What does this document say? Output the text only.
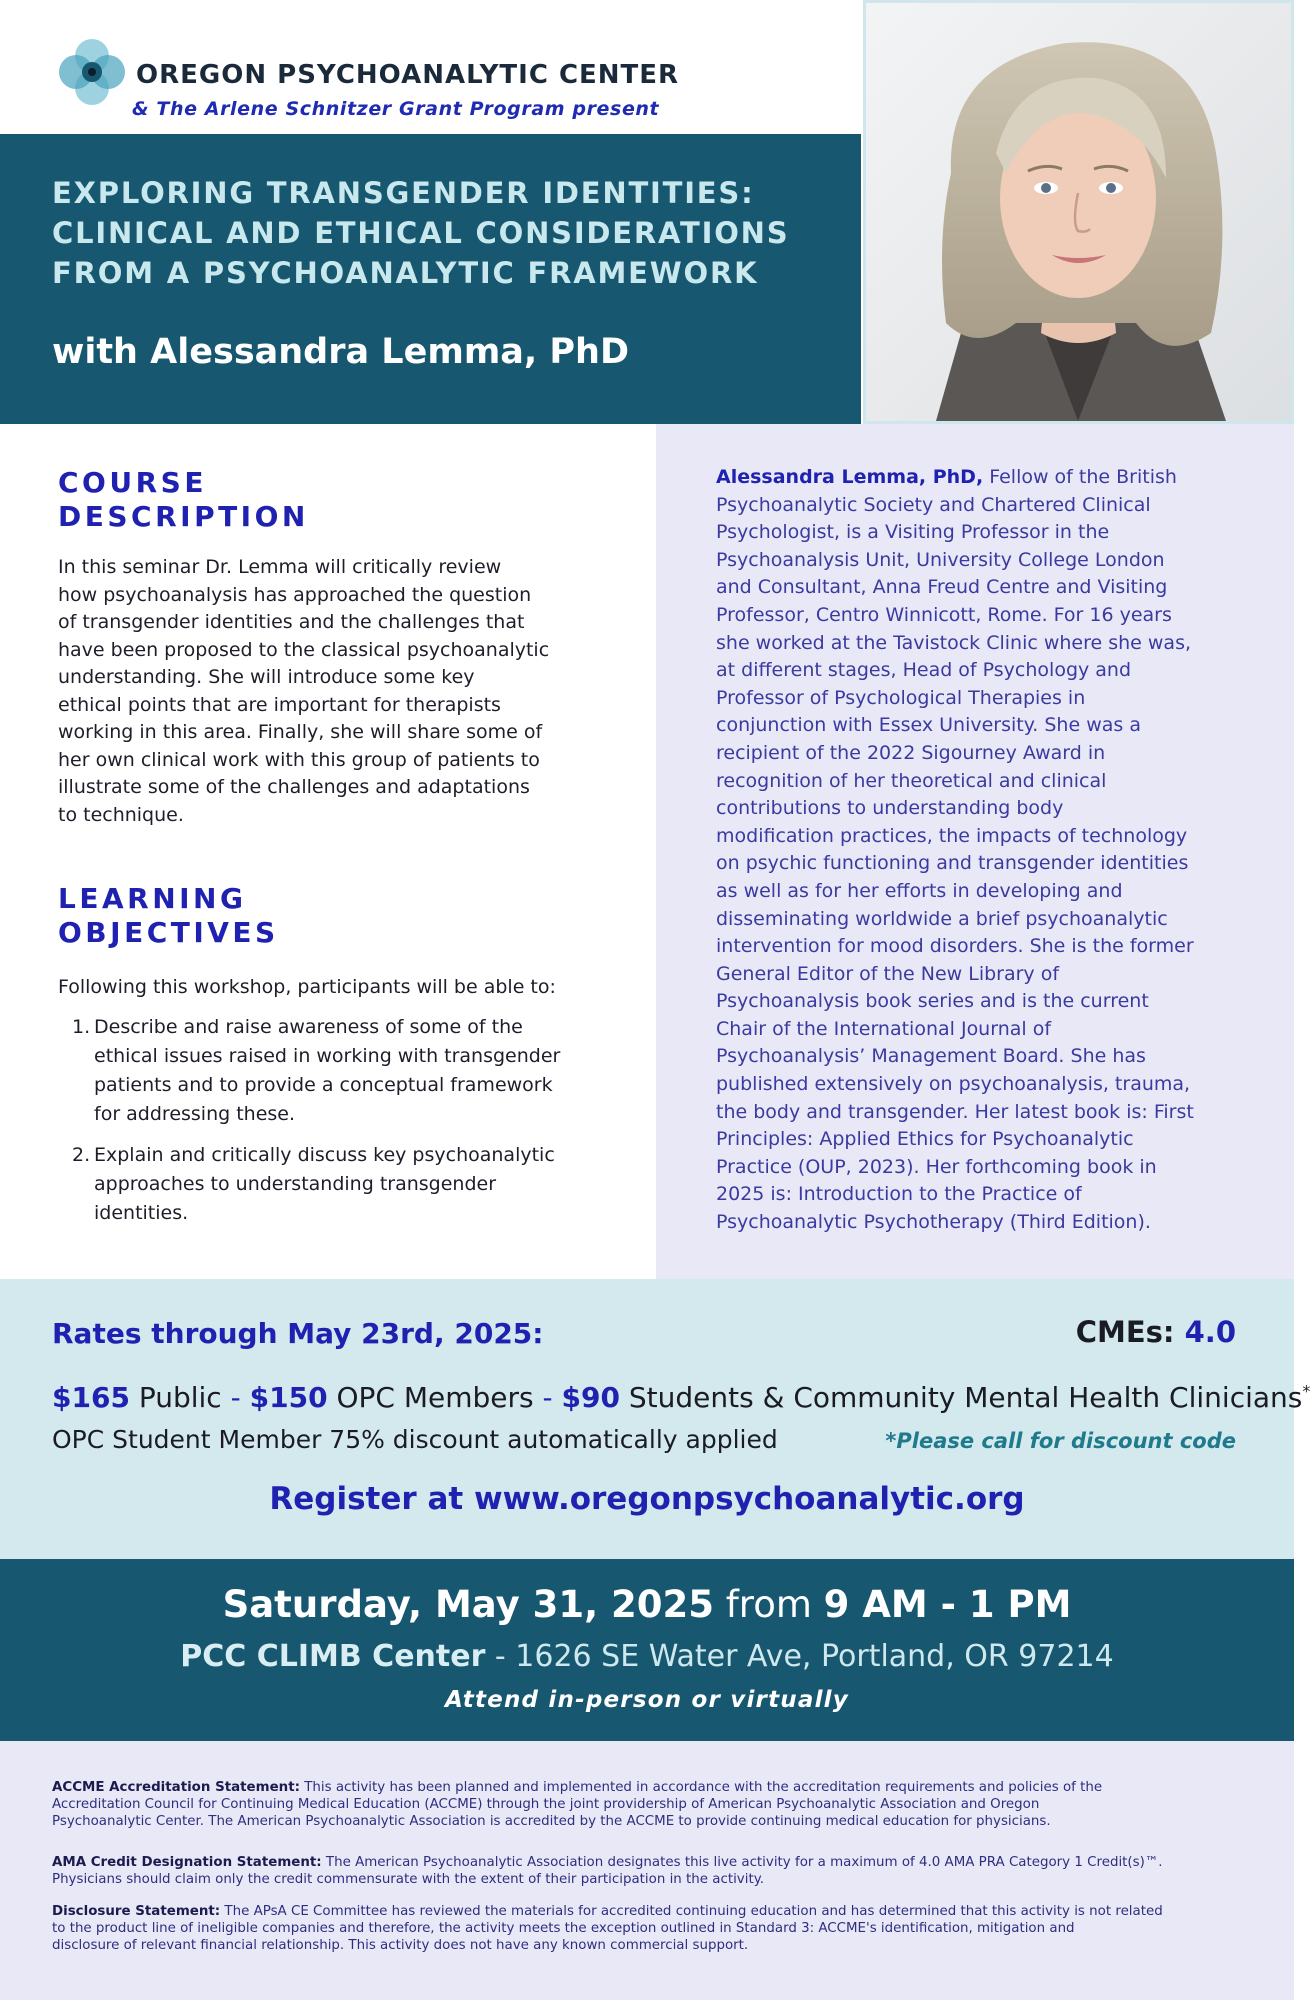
OREGON PSYCHOANALYTIC CENTER
& The Arlene Schnitzer Grant Program present
EXPLORING TRANSGENDER IDENTITIES:
CLINICAL AND ETHICAL CONSIDERATIONS
FROM A PSYCHOANALYTIC FRAMEWORK
with Alessandra Lemma, PhD
COURSE
DESCRIPTION
In this seminar Dr. Lemma will critically review
how psychoanalysis has approached the question
of transgender identities and the challenges that
have been proposed to the classical psychoanalytic
understanding. She will introduce some key
ethical points that are important for therapists
working in this area. Finally, she will share some of
her own clinical work with this group of patients to
illustrate some of the challenges and adaptations
to technique.
LEARNING
OBJECTIVES
Following this workshop, participants will be able to:
1. Describe and raise awareness of some of the
ethical issues raised in working with transgender
patients and to provide a conceptual framework
for addressing these.
2. Explain and critically discuss key psychoanalytic
approaches to understanding transgender
identities.
Alessandra Lemma, PhD, Fellow of the British
Psychoanalytic Society and Chartered Clinical
Psychologist, is a Visiting Professor in the
Psychoanalysis Unit, University College London
and Consultant, Anna Freud Centre and Visiting
Professor, Centro Winnicott, Rome. For 16 years
she worked at the Tavistock Clinic where she was,
at different stages, Head of Psychology and
Professor of Psychological Therapies in
conjunction with Essex University. She was a
recipient of the 2022 Sigourney Award in
recognition of her theoretical and clinical
contributions to understanding body
modification practices, the impacts of technology
on psychic functioning and transgender identities
as well as for her efforts in developing and
disseminating worldwide a brief psychoanalytic
intervention for mood disorders. She is the former
General Editor of the New Library of
Psychoanalysis book series and is the current
Chair of the International Journal of
Psychoanalysis’ Management Board. She has
published extensively on psychoanalysis, trauma,
the body and transgender. Her latest book is: First
Principles: Applied Ethics for Psychoanalytic
Practice (OUP, 2023). Her forthcoming book in
2025 is: Introduction to the Practice of
Psychoanalytic Psychotherapy (Third Edition).
Rates through May 23rd, 2025:	CMEs: 4.0
$165 Public - $150 OPC Members - $90 Students & Community Mental Health Clinicians*
OPC Student Member 75% discount automatically applied	*Please call for discount code
Register at www.oregonpsychoanalytic.org
Saturday, May 31, 2025 from 9 AM - 1 PM
PCC CLIMB Center - 1626 SE Water Ave, Portland, OR 97214
Attend in-person or virtually
ACCME Accreditation Statement: This activity has been planned and implemented in accordance with the accreditation requirements and policies of the
Accreditation Council for Continuing Medical Education (ACCME) through the joint providership of American Psychoanalytic Association and Oregon
Psychoanalytic Center. The American Psychoanalytic Association is accredited by the ACCME to provide continuing medical education for physicians.
AMA Credit Designation Statement: The American Psychoanalytic Association designates this live activity for a maximum of 4.0 AMA PRA Category 1 Credit(s)™.
Physicians should claim only the credit commensurate with the extent of their participation in the activity.
Disclosure Statement: The APsA CE Committee has reviewed the materials for accredited continuing education and has determined that this activity is not related
to the product line of ineligible companies and therefore, the activity meets the exception outlined in Standard 3: ACCME's identification, mitigation and
disclosure of relevant financial relationship. This activity does not have any known commercial support.
